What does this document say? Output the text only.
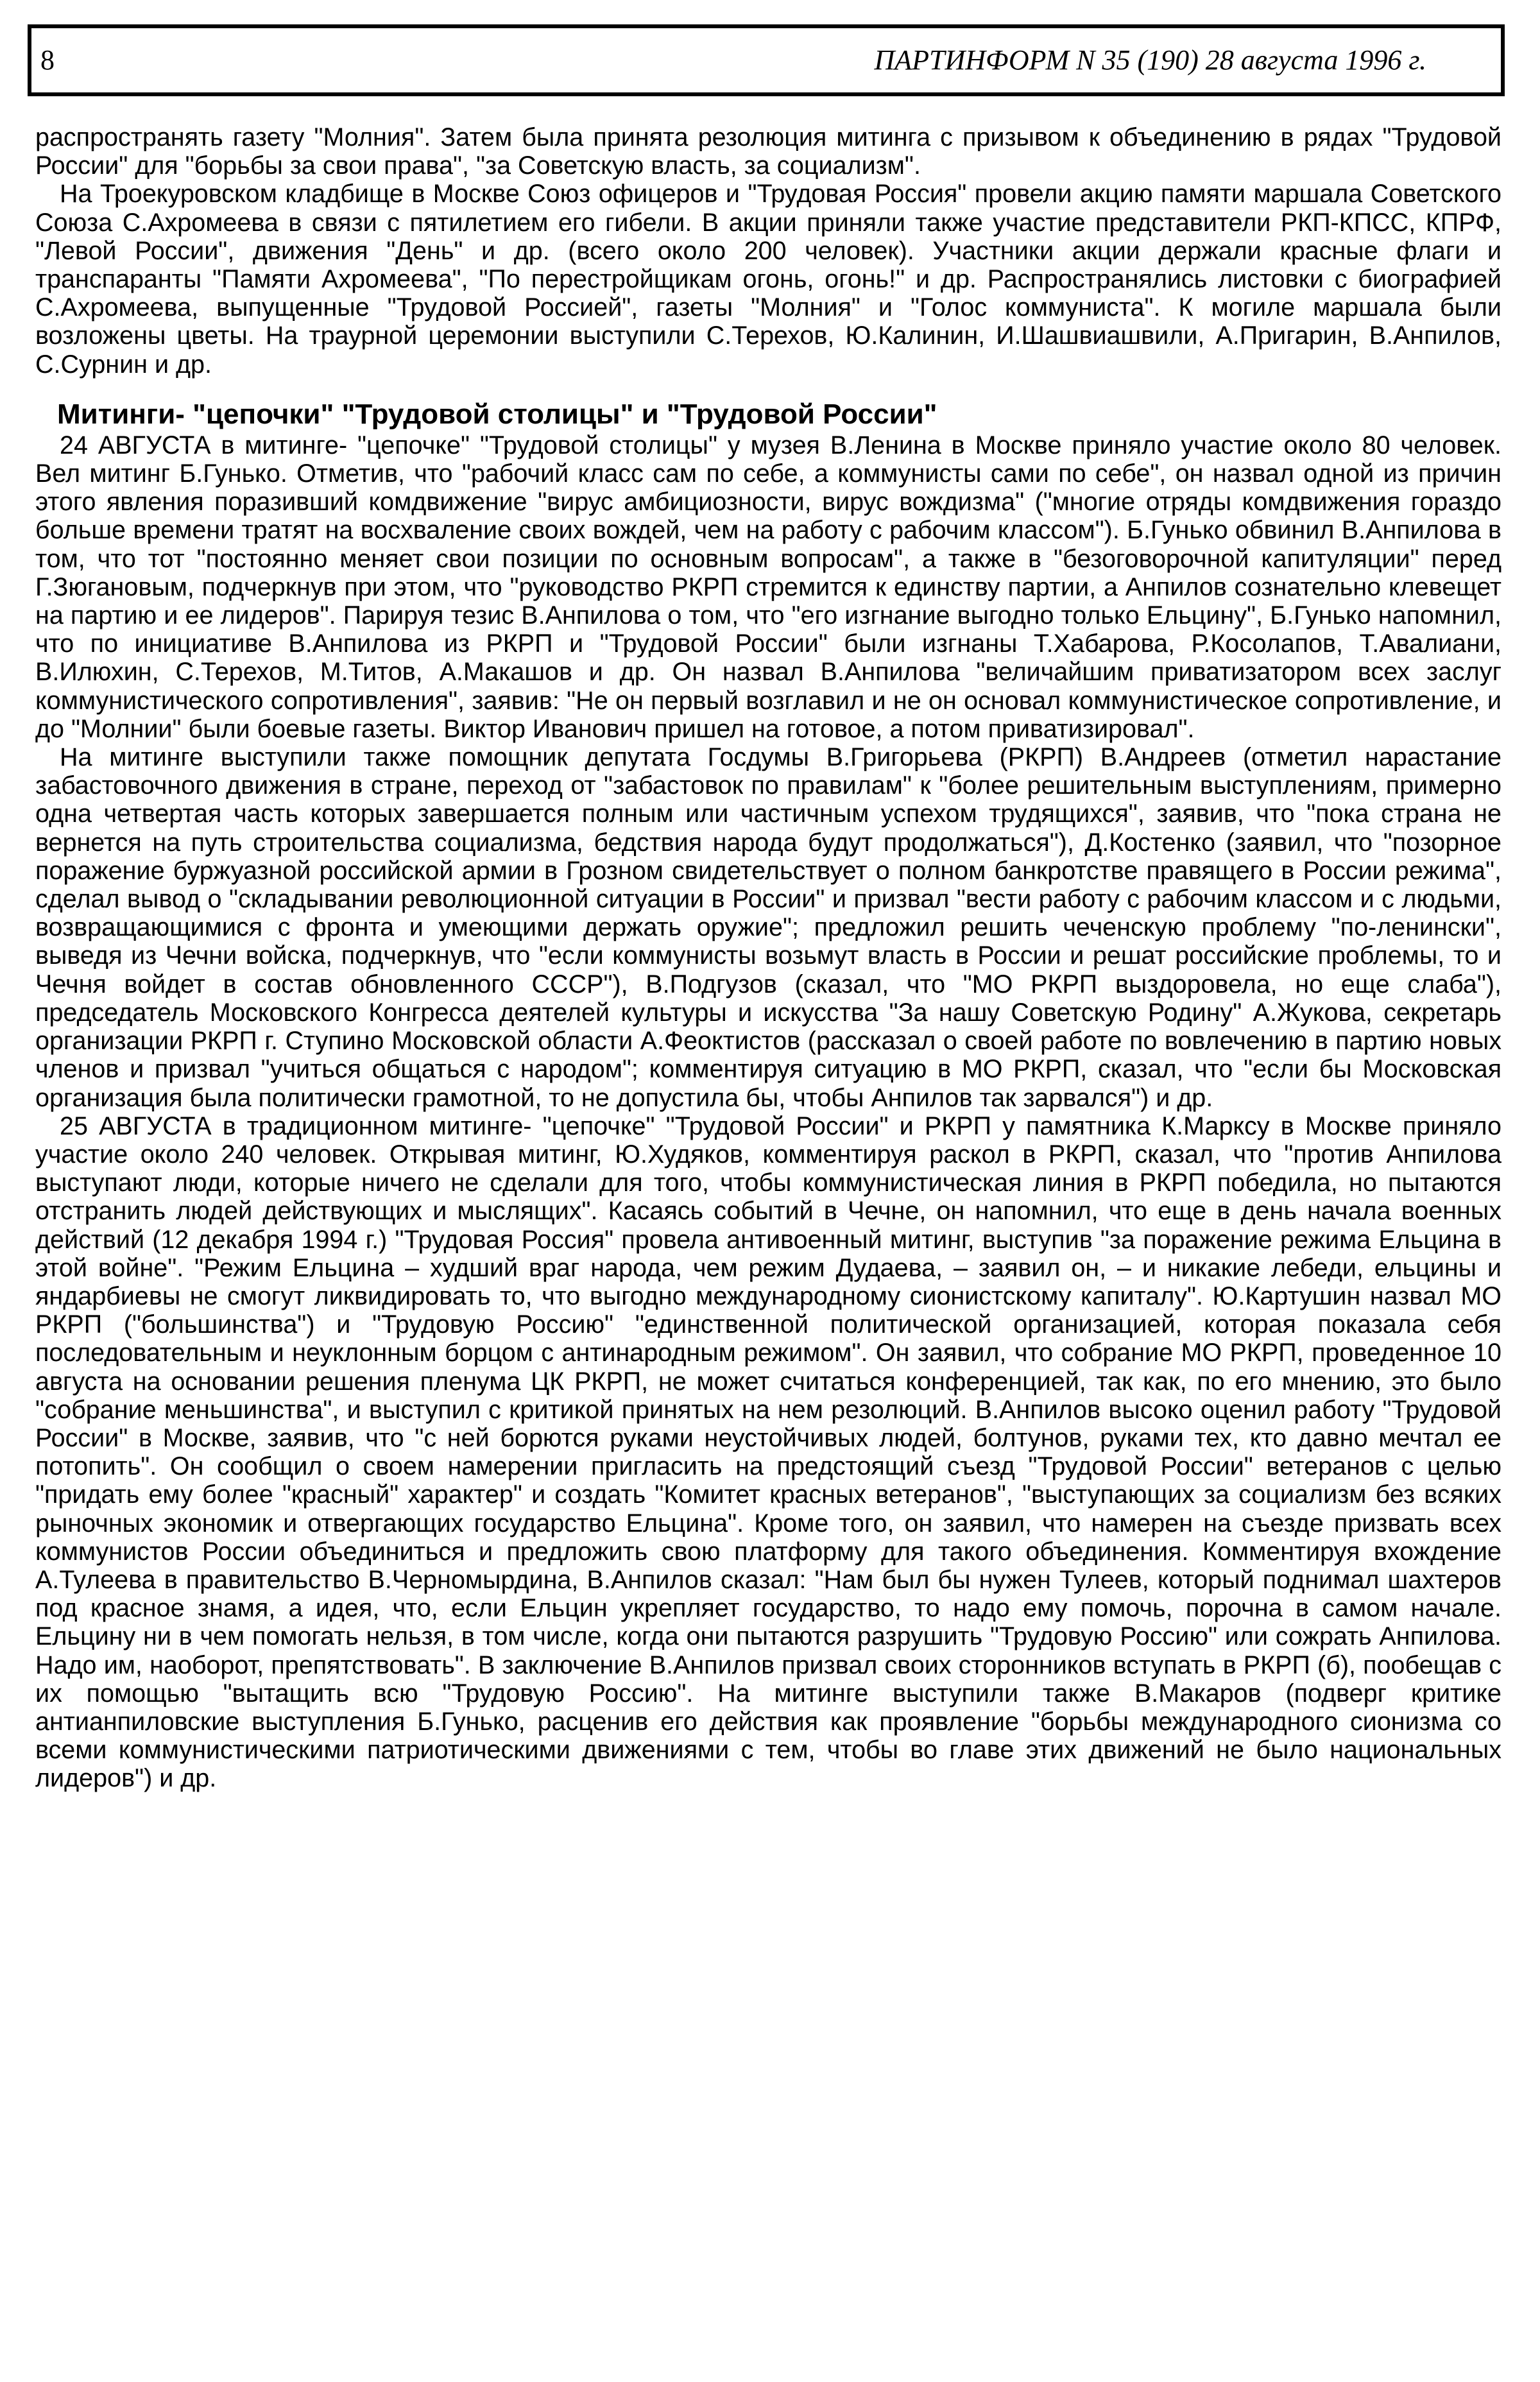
8	ПАРТИНФОРМ N 35 (190) 28 августа 1996 г.

распространять газету "Молния". Затем была принята резолюция митинга с призывом к объединению в рядах "Трудовой России" для "борьбы за свои права", "за Советскую власть, за социализм".

На Троекуровском кладбище в Москве Союз офицеров и "Трудовая Россия" провели акцию памяти маршала Советского Союза С.Ахромеева в связи с пятилетием его гибели. В акции приняли также участие представители РКП-КПСС, КПРФ, "Левой России", движения "День" и др. (всего около 200 человек). Участники акции держали красные флаги и транспаранты "Памяти Ахромеева", "По перестройщикам огонь, огонь!" и др. Распространялись листовки с биографией С.Ахромеева, выпущенные "Трудовой Россией", газеты "Молния" и "Голос коммуниста". К могиле маршала были возложены цветы. На траурной церемонии выступили С.Терехов, Ю.Калинин, И.Шашвиашвили, А.Пригарин, В.Анпилов, С.Сурнин и др.

Митинги- "цепочки" "Трудовой столицы" и "Трудовой России"

24 АВГУСТА в митинге- "цепочке" "Трудовой столицы" у музея В.Ленина в Москве приняло участие около 80 человек. Вел митинг Б.Гунько. Отметив, что "рабочий класс сам по себе, а коммунисты сами по себе", он назвал одной из причин этого явления поразивший комдвижение "вирус амбициозности, вирус вождизма" ("многие отряды комдвижения гораздо больше времени тратят на восхваление своих вождей, чем на работу с рабочим классом"). Б.Гунько обвинил В.Анпилова в том, что тот "постоянно меняет свои позиции по основным вопросам", а также в "безоговорочной капитуляции" перед Г.Зюгановым, подчеркнув при этом, что "руководство РКРП стремится к единству партии, а Анпилов сознательно клевещет на партию и ее лидеров". Парируя тезис В.Анпилова о том, что "его изгнание выгодно только Ельцину", Б.Гунько напомнил, что по инициативе В.Анпилова из РКРП и "Трудовой России" были изгнаны Т.Хабарова, Р.Косолапов, Т.Авалиани, В.Илюхин, С.Терехов, М.Титов, А.Макашов и др. Он назвал В.Анпилова "величайшим приватизатором всех заслуг коммунистического сопротивления", заявив: "Не он первый возглавил и не он основал коммунистическое сопротивление, и до "Молнии" были боевые газеты. Виктор Иванович пришел на готовое, а потом приватизировал".

На митинге выступили также помощник депутата Госдумы В.Григорьева (РКРП) В.Андреев (отметил нарастание забастовочного движения в стране, переход от "забастовок по правилам" к "более решительным выступлениям, примерно одна четвертая часть которых завершается полным или частичным успехом трудящихся", заявив, что "пока страна не вернется на путь строительства социализма, бедствия народа будут продолжаться"), Д.Костенко (заявил, что "позорное поражение буржуазной российской армии в Грозном свидетельствует о полном банкротстве правящего в России режима", сделал вывод о "складывании революционной ситуации в России" и призвал "вести работу с рабочим классом и с людьми, возвращающимися с фронта и умеющими держать оружие"; предложил решить чеченскую проблему "по-ленински", выведя из Чечни войска, подчеркнув, что "если коммунисты возьмут власть в России и решат российские проблемы, то и Чечня войдет в состав обновленного СССР"), В.Подгузов (сказал, что "МО РКРП выздоровела, но еще слаба"), председатель Московского Конгресса деятелей культуры и искусства "За нашу Советскую Родину" А.Жукова, секретарь организации РКРП г. Ступино Московской области А.Феоктистов (рассказал о своей работе по вовлечению в партию новых членов и призвал "учиться общаться с народом"; комментируя ситуацию в МО РКРП, сказал, что "если бы Московская организация была политически грамотной, то не допустила бы, чтобы Анпилов так зарвался") и др.

25 АВГУСТА в традиционном митинге- "цепочке" "Трудовой России" и РКРП у памятника К.Марксу в Москве приняло участие около 240 человек. Открывая митинг, Ю.Худяков, комментируя раскол в РКРП, сказал, что "против Анпилова выступают люди, которые ничего не сделали для того, чтобы коммунистическая линия в РКРП победила, но пытаются отстранить людей действующих и мыслящих". Касаясь событий в Чечне, он напомнил, что еще в день начала военных действий (12 декабря 1994 г.) "Трудовая Россия" провела антивоенный митинг, выступив "за поражение режима Ельцина в этой войне". "Режим Ельцина – худший враг народа, чем режим Дудаева, – заявил он, – и никакие лебеди, ельцины и яндарбиевы не смогут ликвидировать то, что выгодно международному сионистскому капиталу". Ю.Картушин назвал МО РКРП ("большинства") и "Трудовую Россию" "единственной политической организацией, которая показала себя последовательным и неуклонным борцом с антинародным режимом". Он заявил, что собрание МО РКРП, проведенное 10 августа на основании решения пленума ЦК РКРП, не может считаться конференцией, так как, по его мнению, это было "собрание меньшинства", и выступил с критикой принятых на нем резолюций. В.Анпилов высоко оценил работу "Трудовой России" в Москве, заявив, что "с ней борются руками неустойчивых людей, болтунов, руками тех, кто давно мечтал ее потопить". Он сообщил о своем намерении пригласить на предстоящий съезд "Трудовой России" ветеранов с целью "придать ему более "красный" характер" и создать "Комитет красных ветеранов", "выступающих за социализм без всяких рыночных экономик и отвергающих государство Ельцина". Кроме того, он заявил, что намерен на съезде призвать всех коммунистов России объединиться и предложить свою платформу для такого объединения. Комментируя вхождение А.Тулеева в правительство В.Черномырдина, В.Анпилов сказал: "Нам был бы нужен Тулеев, который поднимал шахтеров под красное знамя, а идея, что, если Ельцин укрепляет государство, то надо ему помочь, порочна в самом начале. Ельцину ни в чем помогать нельзя, в том числе, когда они пытаются разрушить "Трудовую Россию" или сожрать Анпилова. Надо им, наоборот, препятствовать". В заключение В.Анпилов призвал своих сторонников вступать в РКРП (б), пообещав с их помощью "вытащить всю "Трудовую Россию". На митинге выступили также В.Макаров (подверг критике антианпиловские выступления Б.Гунько, расценив его действия как проявление "борьбы международного сионизма со всеми коммунистическими патриотическими движениями с тем, чтобы во главе этих движений не было национальных лидеров") и др.
